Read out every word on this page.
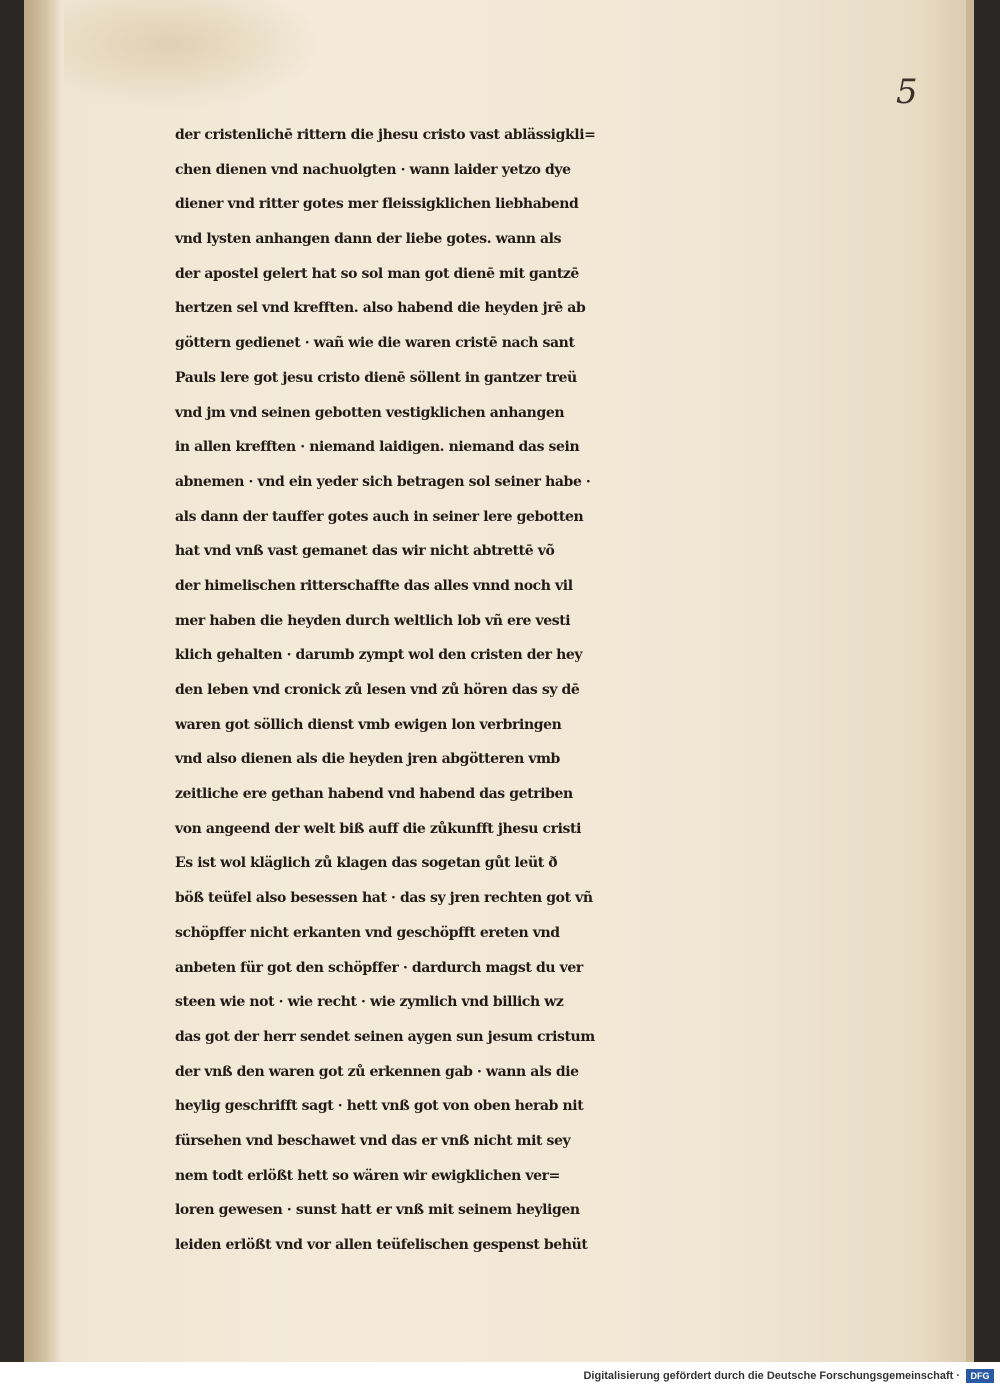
5

der cristenlichē rittern die jhesu cristo vast ablässigkli=

chen dienen vnd nachuolgten · wann laider yetzo dye

diener vnd ritter gotes mer fleissigklichen liebhabend

vnd lysten anhangen dann der liebe gotes. wann als

der apostel gelert hat so sol man got dienē mit gantzē

hertzen sel vnd krefften. also habend die heyden jrē ab

göttern gedienet · wañ wie die waren cristē nach sant

Pauls lere got jesu cristo dienē söllent in gantzer treü

vnd jm vnd seinen gebotten vestigklichen anhangen

in allen krefften · niemand laidigen. niemand das sein

abnemen · vnd ein yeder sich betragen sol seiner habe ·

als dann der tauffer gotes auch in seiner lere gebotten

hat vnd vnß vast gemanet das wir nicht abtrettē võ

der himelischen ritterschaffte das alles vnnd noch vil

mer haben die heyden durch weltlich lob vñ ere vesti

klich gehalten · darumb zympt wol den cristen der hey

den leben vnd cronick zů lesen vnd zů hören das sy dē

waren got söllich dienst vmb ewigen lon verbringen

vnd also dienen als die heyden jren abgötteren vmb

zeitliche ere gethan habend vnd habend das getriben

von angeend der welt biß auff die zůkunfft jhesu cristi

Es ist wol kläglich zů klagen das sogetan gůt leüt ð

böß teüfel also besessen hat · das sy jren rechten got vñ

schöpffer nicht erkanten vnd geschöpfft ereten vnd

anbeten für got den schöpffer · dardurch magst du ver

steen wie not · wie recht · wie zymlich vnd billich wz

das got der herr sendet seinen aygen sun jesum cristum

der vnß den waren got zů erkennen gab · wann als die

heylig geschrifft sagt · hett vnß got von oben herab nit

fürsehen vnd beschawet vnd das er vnß nicht mit sey

nem todt erlößt hett so wären wir ewigklichen ver=

loren gewesen · sunst hatt er vnß mit seinem heyligen

leiden erlößt vnd vor allen teüfelischen gespenst behüt

Digitalisierung gefördert durch die Deutsche Forschungsgemeinschaft ·	DFG
